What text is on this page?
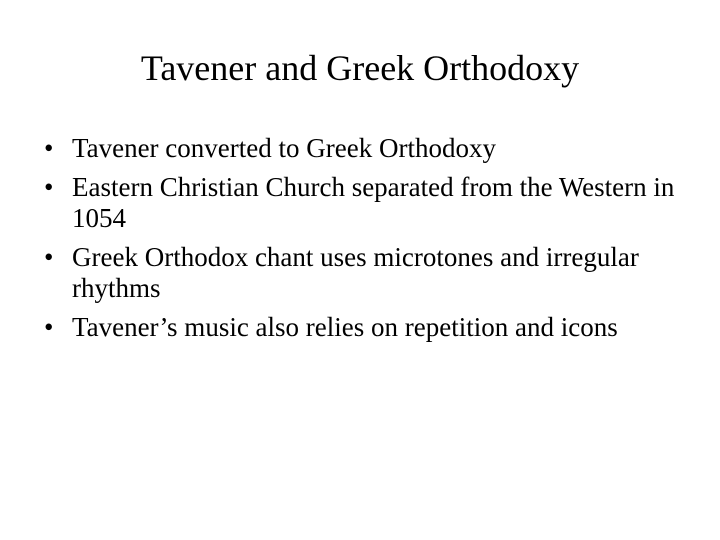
Tavener and Greek Orthodoxy
• Tavener converted to Greek Orthodoxy
• Eastern Christian Church separated from the Western in 1054
• Greek Orthodox chant uses microtones and irregular rhythms
• Tavener’s music also relies on repetition and icons
